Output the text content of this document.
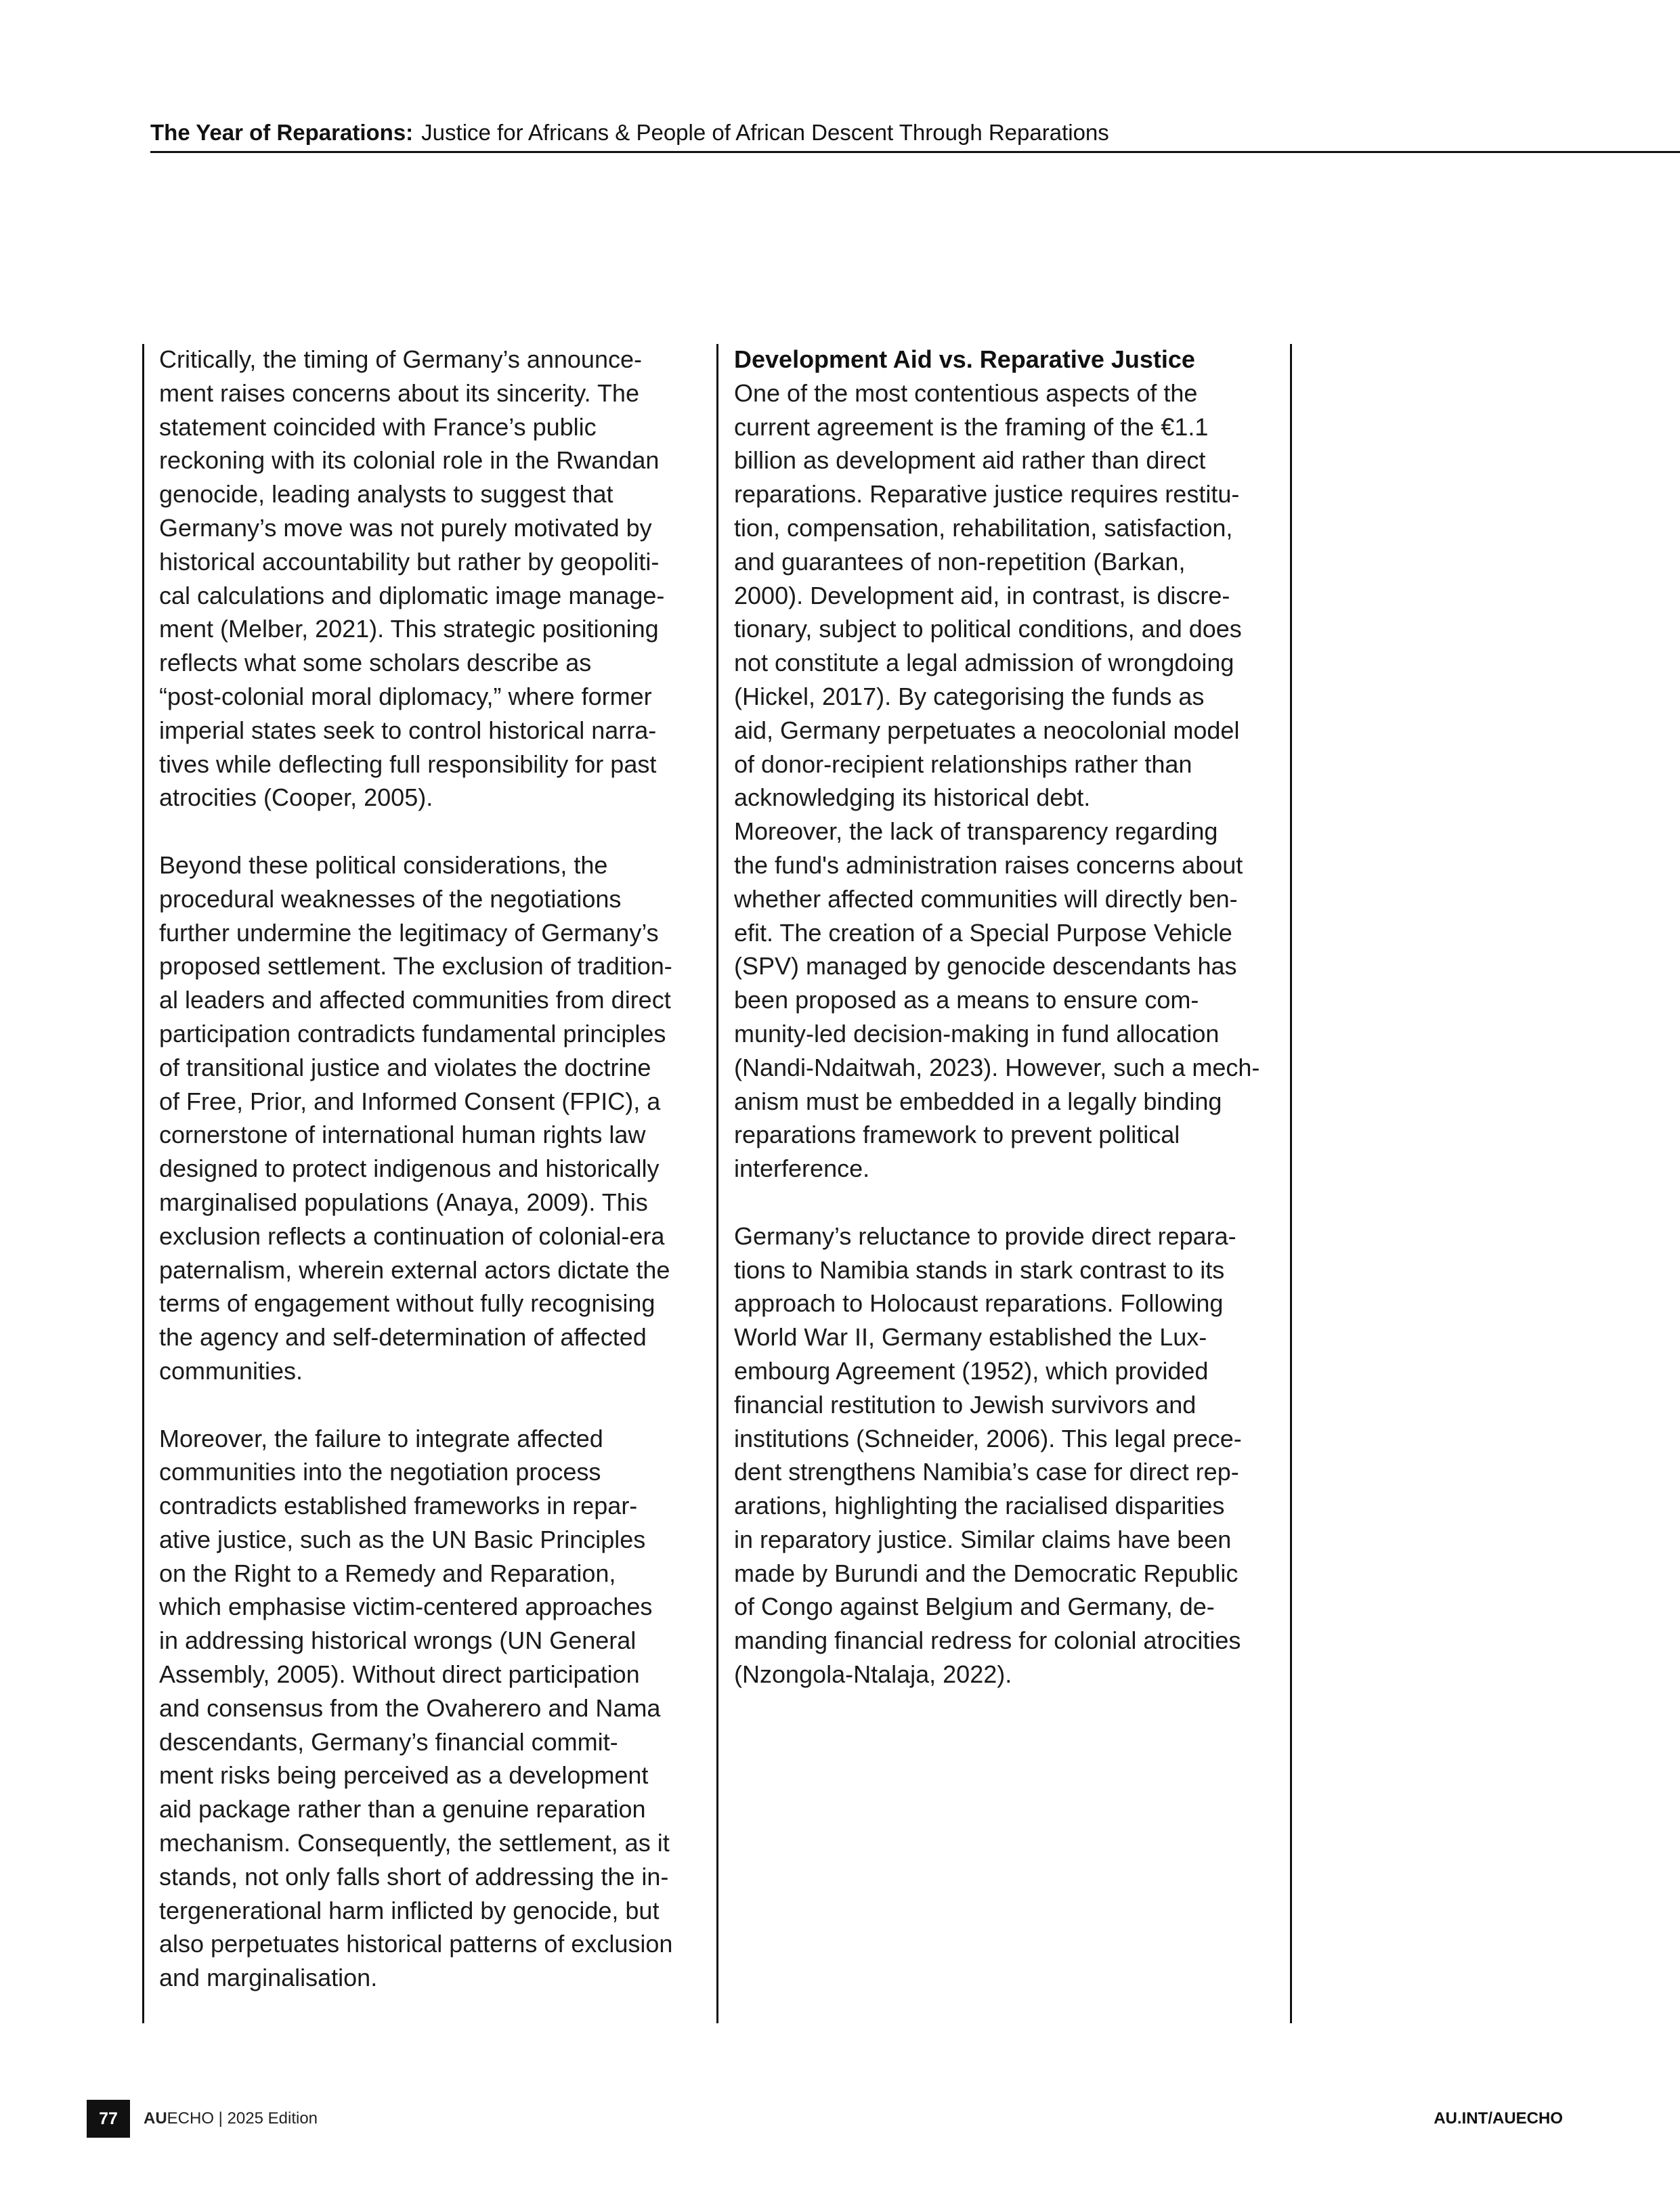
The Year of Reparations: Justice for Africans & People of African Descent Through Reparations

Critically, the timing of Germany’s announce-
ment raises concerns about its sincerity. The
statement coincided with France’s public
reckoning with its colonial role in the Rwandan
genocide, leading analysts to suggest that
Germany’s move was not purely motivated by
historical accountability but rather by geopoliti-
cal calculations and diplomatic image manage-
ment (Melber, 2021). This strategic positioning
reflects what some scholars describe as
“post-colonial moral diplomacy,” where former
imperial states seek to control historical narra-
tives while deflecting full responsibility for past
atrocities (Cooper, 2005).

Beyond these political considerations, the
procedural weaknesses of the negotiations
further undermine the legitimacy of Germany’s
proposed settlement. The exclusion of tradition-
al leaders and affected communities from direct
participation contradicts fundamental principles
of transitional justice and violates the doctrine
of Free, Prior, and Informed Consent (FPIC), a
cornerstone of international human rights law
designed to protect indigenous and historically
marginalised populations (Anaya, 2009). This
exclusion reflects a continuation of colonial-era
paternalism, wherein external actors dictate the
terms of engagement without fully recognising
the agency and self-determination of affected
communities.

Moreover, the failure to integrate affected
communities into the negotiation process
contradicts established frameworks in repar-
ative justice, such as the UN Basic Principles
on the Right to a Remedy and Reparation,
which emphasise victim-centered approaches
in addressing historical wrongs (UN General
Assembly, 2005). Without direct participation
and consensus from the Ovaherero and Nama
descendants, Germany’s financial commit-
ment risks being perceived as a development
aid package rather than a genuine reparation
mechanism. Consequently, the settlement, as it
stands, not only falls short of addressing the in-
tergenerational harm inflicted by genocide, but
also perpetuates historical patterns of exclusion
and marginalisation.

Development Aid vs. Reparative Justice

One of the most contentious aspects of the
current agreement is the framing of the €1.1
billion as development aid rather than direct
reparations. Reparative justice requires restitu-
tion, compensation, rehabilitation, satisfaction,
and guarantees of non-repetition (Barkan,
2000). Development aid, in contrast, is discre-
tionary, subject to political conditions, and does
not constitute a legal admission of wrongdoing
(Hickel, 2017). By categorising the funds as
aid, Germany perpetuates a neocolonial model
of donor-recipient relationships rather than
acknowledging its historical debt.

Moreover, the lack of transparency regarding
the fund's administration raises concerns about
whether affected communities will directly ben-
efit. The creation of a Special Purpose Vehicle
(SPV) managed by genocide descendants has
been proposed as a means to ensure com-
munity-led decision-making in fund allocation
(Nandi-Ndaitwah, 2023). However, such a mech-
anism must be embedded in a legally binding
reparations framework to prevent political
interference.

Germany’s reluctance to provide direct repara-
tions to Namibia stands in stark contrast to its
approach to Holocaust reparations. Following
World War II, Germany established the Lux-
embourg Agreement (1952), which provided
financial restitution to Jewish survivors and
institutions (Schneider, 2006). This legal prece-
dent strengthens Namibia’s case for direct rep-
arations, highlighting the racialised disparities
in reparatory justice. Similar claims have been
made by Burundi and the Democratic Republic
of Congo against Belgium and Germany, de-
manding financial redress for colonial atrocities
(Nzongola-Ntalaja, 2022).

77	AUECHO | 2025 Edition	AU.INT/AUECHO
